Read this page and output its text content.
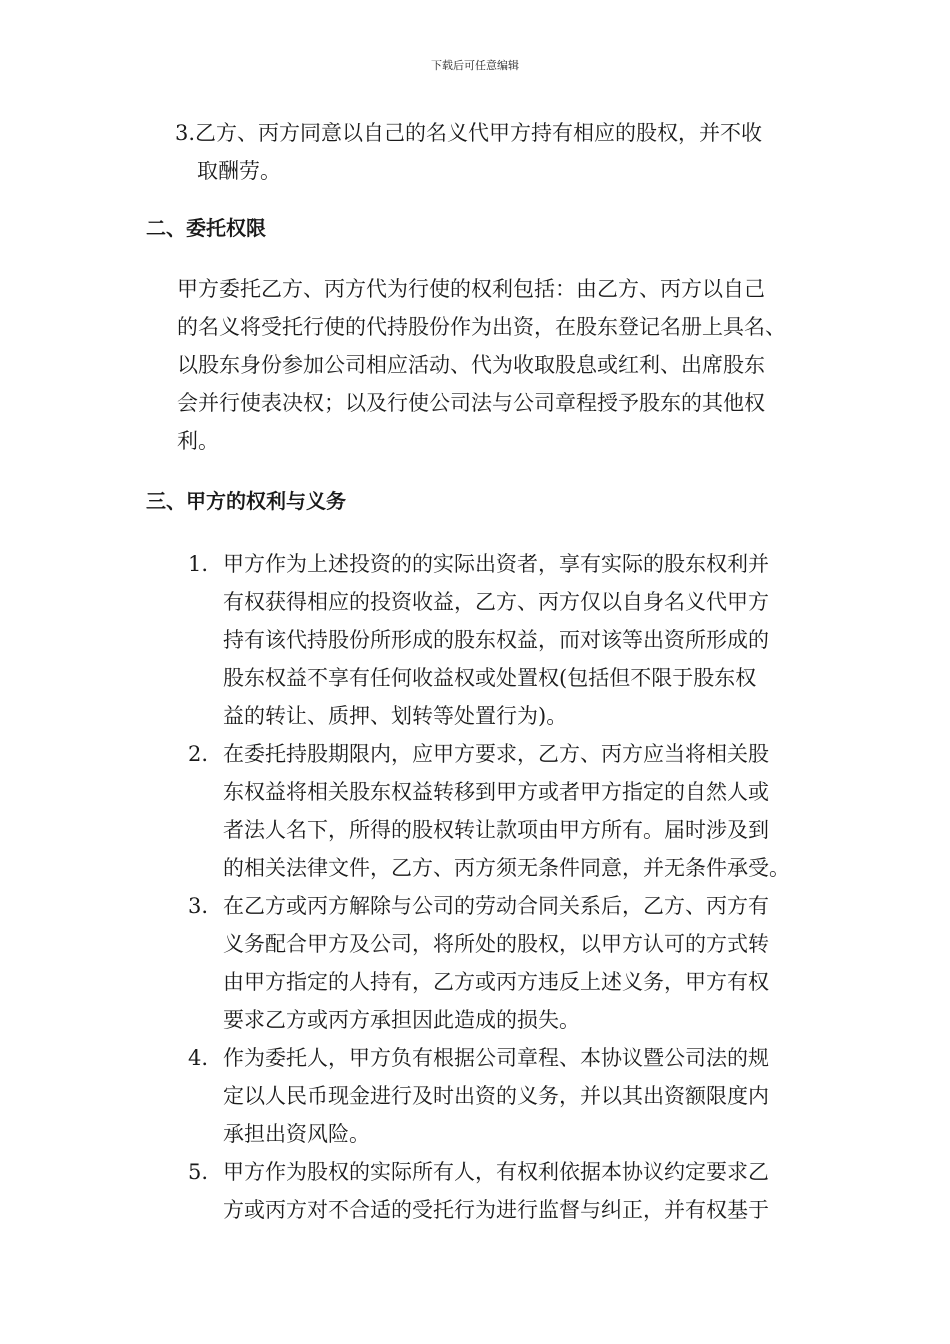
下载后可任意编辑
3.乙方、丙方同意以自己的名义代甲方持有相应的股权，并不收
取酬劳。
二、委托权限
甲方委托乙方、丙方代为行使的权利包括：由乙方、丙方以自己
的名义将受托行使的代持股份作为出资，在股东登记名册上具名、
以股东身份参加公司相应活动、代为收取股息或红利、出席股东
会并行使表决权；以及行使公司法与公司章程授予股东的其他权
利。
三、甲方的权利与义务
1. 甲方作为上述投资的的实际出资者，享有实际的股东权利并
有权获得相应的投资收益，乙方、丙方仅以自身名义代甲方
持有该代持股份所形成的股东权益，而对该等出资所形成的
股东权益不享有任何收益权或处置权(包括但不限于股东权
益的转让、质押、划转等处置行为)。
2. 在委托持股期限内，应甲方要求，乙方、丙方应当将相关股
东权益将相关股东权益转移到甲方或者甲方指定的自然人或
者法人名下，所得的股权转让款项由甲方所有。届时涉及到
的相关法律文件，乙方、丙方须无条件同意，并无条件承受。
3. 在乙方或丙方解除与公司的劳动合同关系后，乙方、丙方有
义务配合甲方及公司，将所处的股权，以甲方认可的方式转
由甲方指定的人持有，乙方或丙方违反上述义务，甲方有权
要求乙方或丙方承担因此造成的损失。
4. 作为委托人，甲方负有根据公司章程、本协议暨公司法的规
定以人民币现金进行及时出资的义务，并以其出资额限度内
承担出资风险。
5. 甲方作为股权的实际所有人，有权利依据本协议约定要求乙
方或丙方对不合适的受托行为进行监督与纠正，并有权基于
